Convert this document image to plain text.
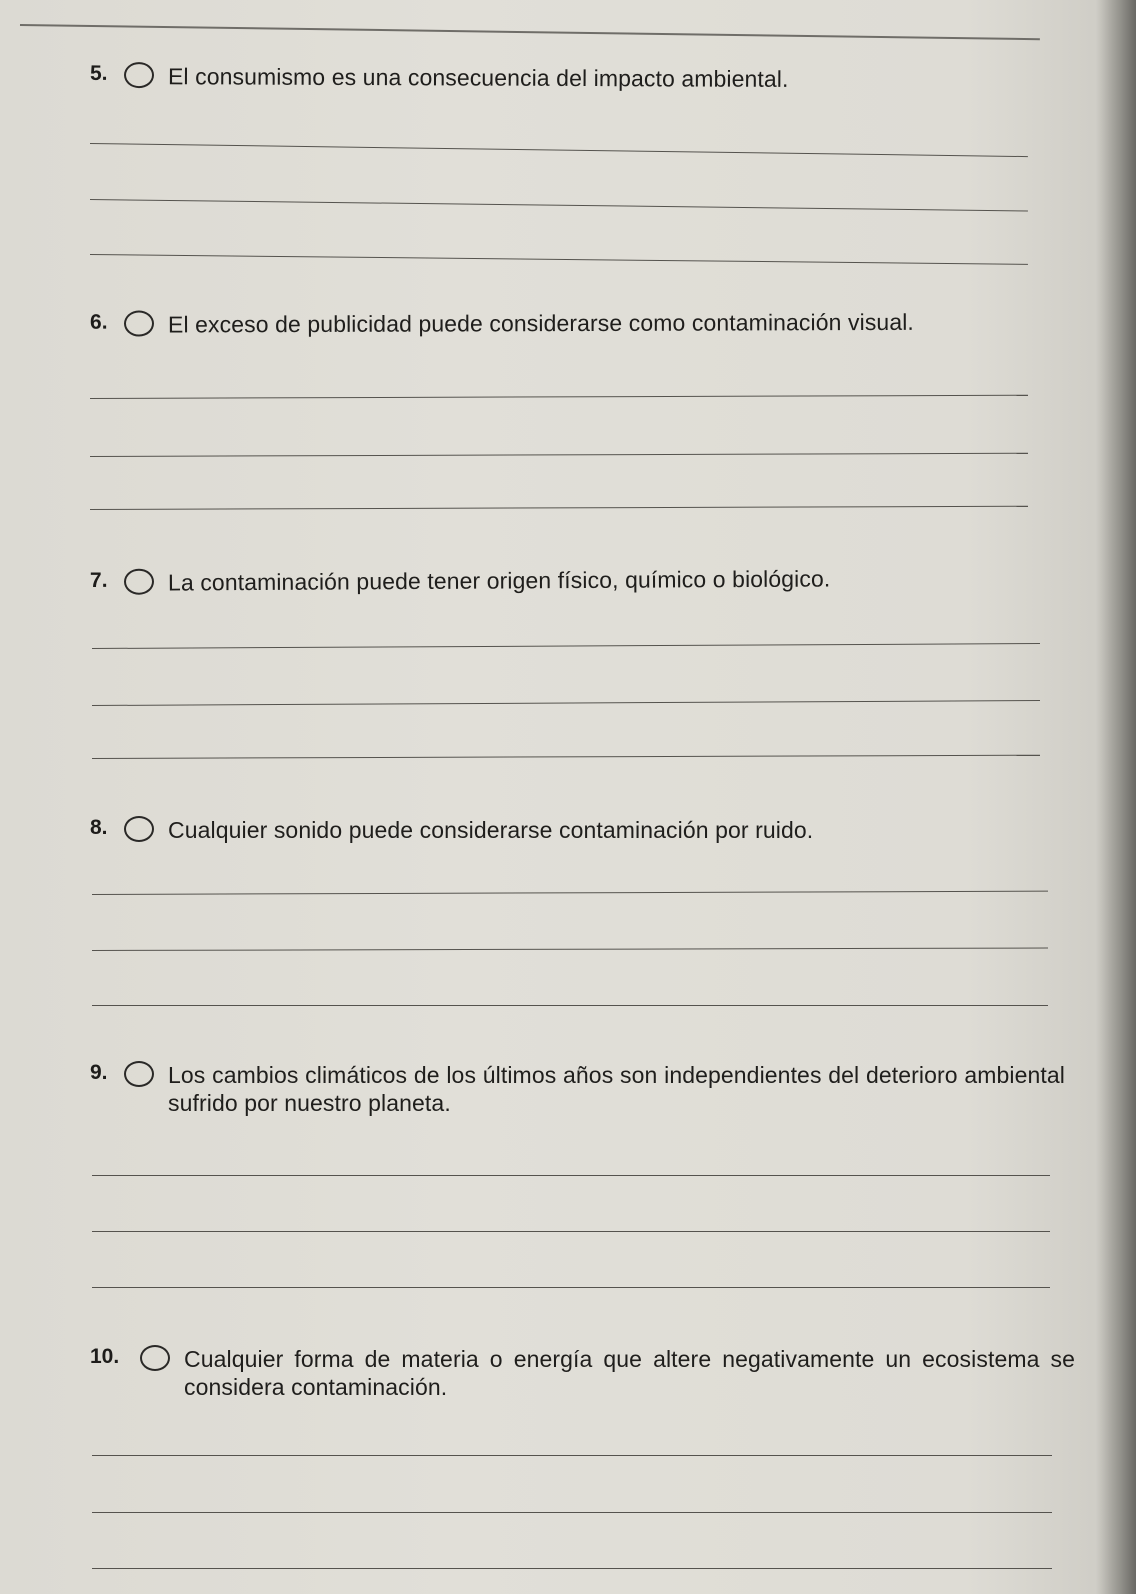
5.	El consumismo es una consecuencia del impacto ambiental.
6.	El exceso de publicidad puede considerarse como contaminación visual.
7.	La contaminación puede tener origen físico, químico o biológico.
8.	Cualquier sonido puede considerarse contaminación por ruido.
9.	Los cambios climáticos de los últimos años son independientes del deterioro ambiental sufrido por nuestro planeta.
10.	Cualquier forma de materia o energía que altere negativamente un ecosistema se considera contaminación.
